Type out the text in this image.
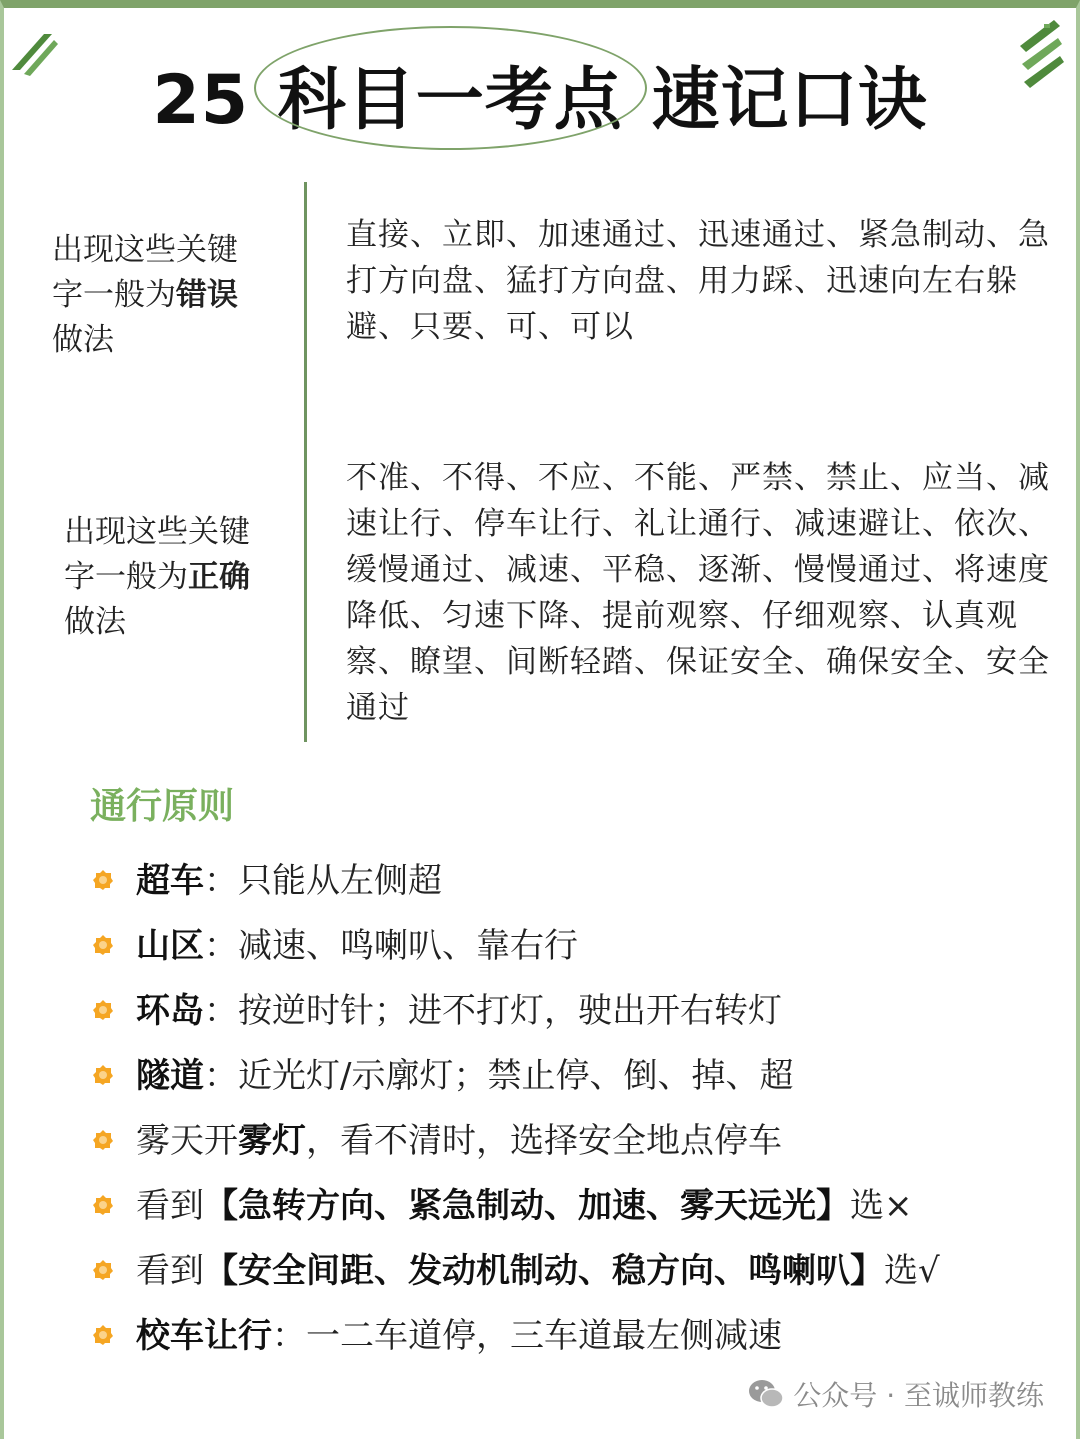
25 科目一考点 速记口诀
出现这些关键
字一般为错误
做法
直接、立即、加速通过、迅速通过、紧急制动、急打方向盘、猛打方向盘、用力踩、迅速向左右躲避、只要、可、可以
出现这些关键
字一般为正确
做法
不准、不得、不应、不能、严禁、禁止、应当、减速让行、停车让行、礼让通行、减速避让、依次、缓慢通过、减速、平稳、逐渐、慢慢通过、将速度降低、匀速下降、提前观察、仔细观察、认真观察、瞭望、间断轻踏、保证安全、确保安全、安全通过
通行原则
超车：只能从左侧超
山区：减速、鸣喇叭、靠右行
环岛：按逆时针；进不打灯，驶出开右转灯
隧道：近光灯/示廓灯；禁止停、倒、掉、超
雾天开雾灯，看不清时，选择安全地点停车
看到【急转方向、紧急制动、加速、雾天远光】选×
看到【安全间距、发动机制动、稳方向、鸣喇叭】选√
校车让行：一二车道停，三车道最左侧减速
公众号 · 至诚师教练
